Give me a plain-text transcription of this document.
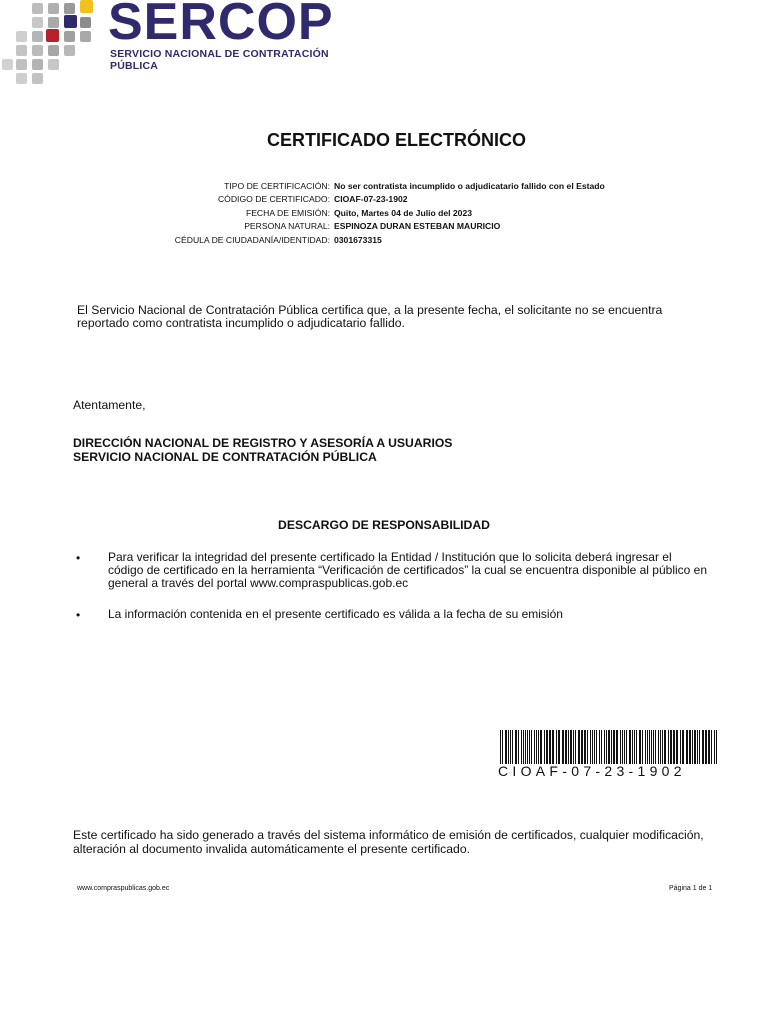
SERCOP
SERVICIO NACIONAL DE CONTRATACIÓN PÚBLICA
CERTIFICADO ELECTRÓNICO
TIPO DE CERTIFICACIÓN: No ser contratista incumplido o adjudicatario fallido con el Estado
CÓDIGO DE CERTIFICADO: CIOAF-07-23-1902
FECHA DE EMISIÓN: Quito, Martes 04 de Julio del 2023
PERSONA NATURAL: ESPINOZA DURAN ESTEBAN MAURICIO
CÉDULA DE CIUDADANÍA/IDENTIDAD: 0301673315
El Servicio Nacional de Contratación Pública certifica que, a la presente fecha, el solicitante no se encuentra reportado como contratista incumplido o adjudicatario fallido.
Atentamente,
DIRECCIÓN NACIONAL DE REGISTRO Y ASESORÍA A USUARIOS
SERVICIO NACIONAL DE CONTRATACIÓN PÚBLICA
DESCARGO DE RESPONSABILIDAD
• Para verificar la integridad del presente certificado la Entidad / Institución que lo solicita deberá ingresar el código de certificado en la herramienta “Verificación de certificados” la cual se encuentra disponible al público en general a través del portal www.compraspublicas.gob.ec
• La información contenida en el presente certificado es válida a la fecha de su emisión
CIOAF-07-23-1902
Este certificado ha sido generado a través del sistema informático de emisión de certificados, cualquier modificación, alteración al documento invalida automáticamente el presente certificado.
www.compraspublicas.gob.ec	Página 1 de 1
